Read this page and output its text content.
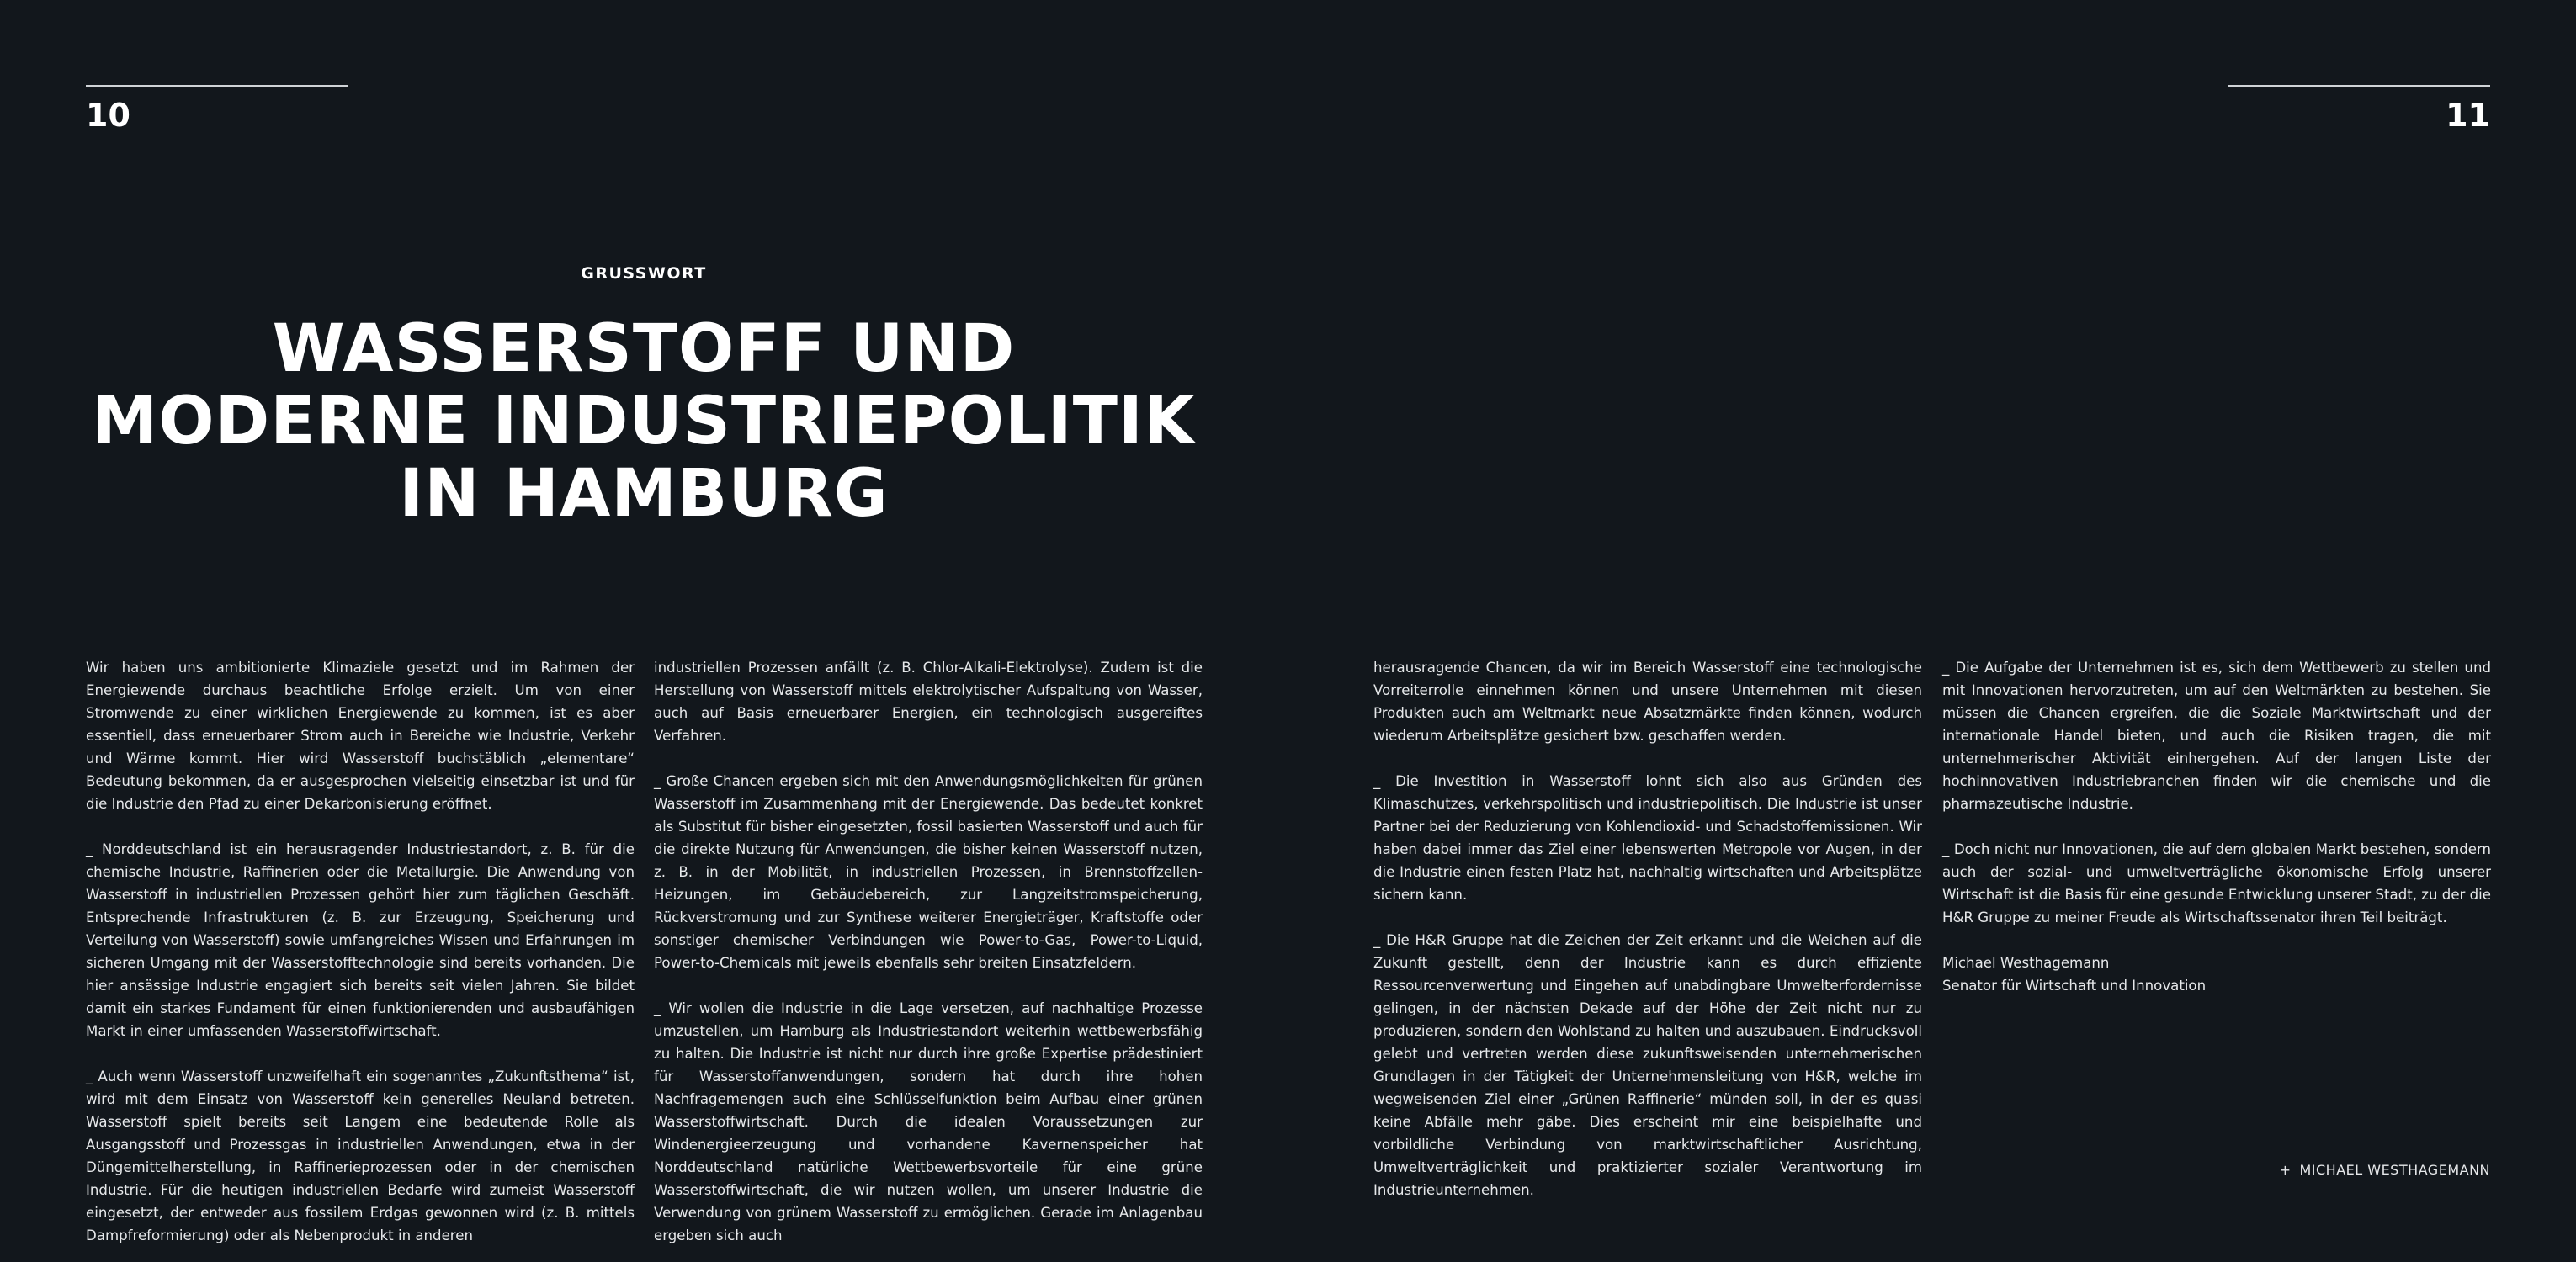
10	11
GRUSSWORT
WASSERSTOFF UND
MODERNE INDUSTRIEPOLITIK
IN HAMBURG

Wir haben uns ambitionierte Klimaziele gesetzt und im Rahmen der Energiewende durchaus beachtliche Erfolge erzielt. Um von einer Stromwende zu einer wirklichen Energiewende zu kommen, ist es aber essentiell, dass erneuerbarer Strom auch in Bereiche wie Industrie, Verkehr und Wärme kommt. Hier wird Wasserstoff buchstäblich „elementare“ Bedeutung bekommen, da er ausgesprochen vielseitig einsetzbar ist und für die Industrie den Pfad zu einer Dekarbonisierung eröffnet.

_ Norddeutschland ist ein herausragender Industriestandort, z. B. für die chemische Industrie, Raffinerien oder die Metallurgie. Die Anwendung von Wasserstoff in industriellen Prozessen gehört hier zum täglichen Geschäft. Entsprechende Infrastrukturen (z. B. zur Erzeugung, Speicherung und Verteilung von Wasserstoff) sowie umfangreiches Wissen und Erfahrungen im sicheren Umgang mit der Wasserstofftechnologie sind bereits vorhanden. Die hier ansässige Industrie engagiert sich bereits seit vielen Jahren. Sie bildet damit ein starkes Fundament für einen funktionierenden und ausbaufähigen Markt in einer umfassenden Wasserstoffwirtschaft.

_ Auch wenn Wasserstoff unzweifelhaft ein sogenanntes „Zukunftsthema“ ist, wird mit dem Einsatz von Wasserstoff kein generelles Neuland betreten. Wasserstoff spielt bereits seit Langem eine bedeutende Rolle als Ausgangsstoff und Prozessgas in industriellen Anwendungen, etwa in der Düngemittelherstellung, in Raffinerieprozessen oder in der chemischen Industrie. Für die heutigen industriellen Bedarfe wird zumeist Wasserstoff eingesetzt, der entweder aus fossilem Erdgas gewonnen wird (z. B. mittels Dampfreformierung) oder als Nebenprodukt in anderen

industriellen Prozessen anfällt (z. B. Chlor-Alkali-Elektrolyse). Zudem ist die Herstellung von Wasserstoff mittels elektrolytischer Aufspaltung von Wasser, auch auf Basis erneuerbarer Energien, ein technologisch ausgereiftes Verfahren.

_ Große Chancen ergeben sich mit den Anwendungsmöglichkeiten für grünen Wasserstoff im Zusammenhang mit der Energiewende. Das bedeutet konkret als Substitut für bisher eingesetzten, fossil basierten Wasserstoff und auch für die direkte Nutzung für Anwendungen, die bisher keinen Wasserstoff nutzen, z. B. in der Mobilität, in industriellen Prozessen, in Brennstoffzellen-Heizungen, im Gebäudebereich, zur Langzeitstromspeicherung, Rückverstromung und zur Synthese weiterer Energieträger, Kraftstoffe oder sonstiger chemischer Verbindungen wie Power-to-Gas, Power-to-Liquid, Power-to-Chemicals mit jeweils ebenfalls sehr breiten Einsatzfeldern.

_ Wir wollen die Industrie in die Lage versetzen, auf nachhaltige Prozesse umzustellen, um Hamburg als Industriestandort weiterhin wettbewerbsfähig zu halten. Die Industrie ist nicht nur durch ihre große Expertise prädestiniert für Wasserstoffanwendungen, sondern hat durch ihre hohen Nachfragemengen auch eine Schlüsselfunktion beim Aufbau einer grünen Wasserstoffwirtschaft. Durch die idealen Voraussetzungen zur Windenergieerzeugung und vorhandene Kavernenspeicher hat Norddeutschland natürliche Wettbewerbsvorteile für eine grüne Wasserstoffwirtschaft, die wir nutzen wollen, um unserer Industrie die Verwendung von grünem Wasserstoff zu ermöglichen. Gerade im Anlagenbau ergeben sich auch

herausragende Chancen, da wir im Bereich Wasserstoff eine technologische Vorreiterrolle einnehmen können und unsere Unternehmen mit diesen Produkten auch am Weltmarkt neue Absatzmärkte finden können, wodurch wiederum Arbeitsplätze gesichert bzw. geschaffen werden.

_ Die Investition in Wasserstoff lohnt sich also aus Gründen des Klimaschutzes, verkehrspolitisch und industriepolitisch. Die Industrie ist unser Partner bei der Reduzierung von Kohlendioxid- und Schadstoffemissionen. Wir haben dabei immer das Ziel einer lebenswerten Metropole vor Augen, in der die Industrie einen festen Platz hat, nachhaltig wirtschaften und Arbeitsplätze sichern kann.

_ Die H&R Gruppe hat die Zeichen der Zeit erkannt und die Weichen auf die Zukunft gestellt, denn der Industrie kann es durch effiziente Ressourcenverwertung und Eingehen auf unabdingbare Umwelterfordernisse gelingen, in der nächsten Dekade auf der Höhe der Zeit nicht nur zu produzieren, sondern den Wohlstand zu halten und auszubauen. Eindrucksvoll gelebt und vertreten werden diese zukunftsweisenden unternehmerischen Grundlagen in der Tätigkeit der Unternehmensleitung von H&R, welche im wegweisenden Ziel einer „Grünen Raffinerie“ münden soll, in der es quasi keine Abfälle mehr gäbe. Dies erscheint mir eine beispielhafte und vorbildliche Verbindung von marktwirtschaftlicher Ausrichtung, Umweltverträglichkeit und praktizierter sozialer Verantwortung im Industrieunternehmen.

_ Die Aufgabe der Unternehmen ist es, sich dem Wettbewerb zu stellen und mit Innovationen hervorzutreten, um auf den Weltmärkten zu bestehen. Sie müssen die Chancen ergreifen, die die Soziale Marktwirtschaft und der internationale Handel bieten, und auch die Risiken tragen, die mit unternehmerischer Aktivität einhergehen. Auf der langen Liste der hochinnovativen Industriebranchen finden wir die chemische und die pharmazeutische Industrie.

_ Doch nicht nur Innovationen, die auf dem globalen Markt bestehen, sondern auch der sozial- und umweltverträgliche ökonomische Erfolg unserer Wirtschaft ist die Basis für eine gesunde Entwicklung unserer Stadt, zu der die H&R Gruppe zu meiner Freude als Wirtschaftssenator ihren Teil beiträgt.

Michael Westhagemann

Senator für Wirtschaft und Innovation

+ MICHAEL WESTHAGEMANN
